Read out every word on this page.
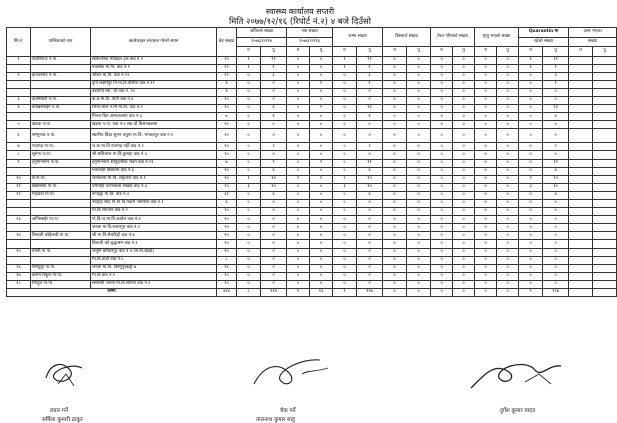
स्वास्थ्य कार्यालय सप्तरी
मिति २०७७/१२/१६ (रिपोर्ट नं.२) ४ बजे दिउँसो
सि.न.	पालिकाको नाम	क्वारेन्टाइन संचालन गरेको स्थान	बेड संख्या	अघिल्लो संख्या		नया संख्या		जम्मा संख्या		डिस्चार्ज संख्या		रेफर गरिएको संख्या		मृत्यु भएको संख्या		Quarantin मा		अन्य भएका	
				२०७६/१२/१४		२०७६/१२/१६										रहेको संख्या		संख्या	
				म	पु	म	पु	म	पु	म	पु	म	पु	म	पु	म	पु	म	पु
१	राजविराज न.पा.	सार्वजनिक मेडिकल हल वाड नं.२	२५	१	११	०	०	१	११	०	०	०	०	०	०	१	११		
		नवलोक मा.वि. वाड नं.१	१२	१	१	०	०	१	१	०	०	०	०	०	०	१	१		
२	कञ्चनरुप न.पा.	जोकर मा.वि. वाड नं.१२	१२	०	३	०	०	०	३	०	०	०	०	०	०	०	३		
		दुर्गा लक्ष्मीपुर नि.मा.वि.डेलिया वाड नं.११	४	०	०	०	१	०	१	०	०	०	०	०	०	०	१		
		वडगामा स्वा. चौ वाड नं. १०	४	०	०	०	०	०	०	०	०	०	०	०	०	०	०		
३	डाक्नेश्वरी न.पा.	क.प्र.मा.वि. पाती वाड नं.४	१०	०	०	०	०	०	०	०	०	०	०	०	०	०	०		
४	बोदेबरसाईन न.पा.	जिया लाल न.मि मा.वि. वाड नं.१	१०	०	४	०	९	०	१३	०	०	०	०	०	०	०	१३		
		मिनल चित अस्पतालमा वाड नं.३	७	०	४	०	०	०	४	०	०	०	०	०	०	०	४		
५	खडक न.पा.	खडक न.पा. वाड नं.२ स्वा.चौ.बिसनबकसा	२०	०	०	०	०	०	०	०	०	०	०	०	०	०	०		
६	शम्भुनाथ न.पा.	स्थानिय बिधा सुमन तथुमा मा.वि. भगवतपुर वाड नं.९	१०	०	०	०	०	०	०	०	०	०	०	०	०	०	०		
७	राजगढ गा.पा.	ज.क.मा.वि राजगढ नर्ही वाड नं.२	१०	०	२	०	०	०	२	०	०	०	०	०	०	०	२		
८	सुरुंगा न.पा.	श्री सशिलाल मा.वि.कुसहा वाड नं.५	२०	०	०	०	०	०	०	०	०	०	०	०	०	०	०		
९	हनुमाननगर न.पा.	हनुमाननगर सामुदायिक भवन वाड नं.११	७	०	९	०	२	०	११	०	०	०	०	०	०	०	११		
		मकरडही विद्यालय वाड नं.६	१०	०	४	०	०	०	४	०	०	०	०	०	०	०	४		
१०	स.रू.पा.	जनचेतना मा.वि. लोहजरा वाड नं.१	१०	१	१४	१	१	२	१५	०	०	०	०	०	०	२	१५		
११	छिन्नमस्ता गा.पा.	परियाहि पराभकला सखडा वाड नं.३	२५	३	१०	०	०	३	१०	०	०	०	०	०	०	३	१०		
१२	महादेवा गा.पा.	रूपहट्टा मा.वि. वाड नं.३	३२	०	४	०	०	०	४	०	०	०	०	०	०	०	४		
		नरहद्दह साह नि.मा.वि.पकरी जसपोस वाड नं.१	६	०	०	०	०	०	०	०	०	०	०	०	०	०	०		
		मा.वि.भगवान वाड नं.२	२०	०	०	०	०	०	०	०	०	०	०	०	०	०	०		
१३	अग्निसाईर गा.पा.	गो.बि.ज.मा.वि.कठौल वाड नं.४	१०	०	०	०	०	०	०	०	०	०	०	०	०	०	०		
		जनता मा.वि.कमलपुर वाड नं.२	२५	०	०	०	०	०	०	०	०	०	०	०	०	०	०		
१४	तिलाठी कोईलाडी गा.पा.	श्री मा.वि.सेलडिही वाड नं.४	१५	०	०	०	०	०	०	०	०	०	०	०	०	०	०		
		तिलाठी को बृद्धाश्रम वाड नं.१	१०	०	०	०	०	०	०	०	०	०	०	०	०	०	०		
१५	रुपनी गा.पा.	जमुनि बरियारपुर वाड नं ४ (स.वि.खादी)	१५	०	०	०	०	०	०	०	०	०	०	०	०	०	०		
		मा.वि.ठाडी वाड नं.५	८	०	०	०	०	०	०	०	०	०	०	०	०	०	०		
१६	विष्णुपुर गा.पा.	जनता मा.वि. विष्णुपुरकट्टी ७	१४	०	०	०	०	०	०	०	०	०	०	०	०	०	०		
१७	बलान बिहुल गा.पा.	मा.वि.वाड नं.१	१०	०	०	०	०	०	०	०	०	०	०	०	०	०	०		
१८	तिरहुत गा.पा.	सरस्वती जनता मा.वि.सोरला वाड नं.२	१०	०	०	०	०	०	०	०	०	०	०	०	०	०	०		
जम्मा			४४४	८	११४	१	१३	९	१२७	०	०	०	०	०	०	९	१२७		
तयार गर्ने
सर्मिला कुमारी ठाकुर
चेक गर्ने
तारानाथ कुमार साहु
दुर्गेश कुमार यादव
